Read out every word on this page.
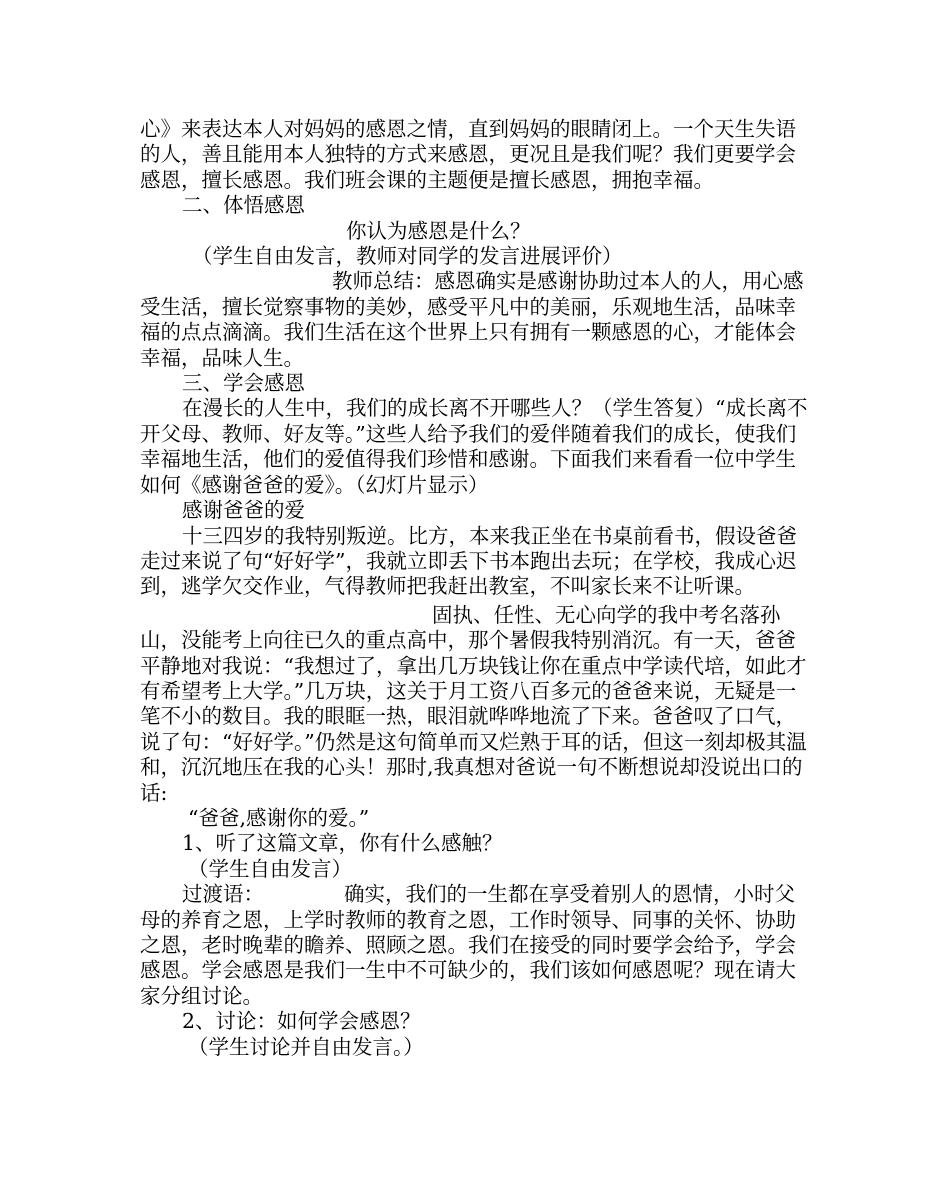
心》来表达本人对妈妈的感恩之情，直到妈妈的眼睛闭上。一个天生失语的人，善且能用本人独特的方式来感恩，更况且是我们呢？我们更要学会感恩，擅长感恩。我们班会课的主题便是擅长感恩，拥抱幸福。

二、体悟感恩

你认为感恩是什么？

（学生自由发言，教师对同学的发言进展评价）

教师总结：感恩确实是感谢协助过本人的人，用心感受生活，擅长觉察事物的美妙，感受平凡中的美丽，乐观地生活，品味幸福的点点滴滴。我们生活在这个世界上只有拥有一颗感恩的心，才能体会幸福，品味人生。

三、学会感恩

在漫长的人生中，我们的成长离不开哪些人？（学生答复）“成长离不开父母、教师、好友等。”这些人给予我们的爱伴随着我们的成长，使我们幸福地生活，他们的爱值得我们珍惜和感谢。下面我们来看看一位中学生如何《感谢爸爸的爱》。（幻灯片显示）

感谢爸爸的爱

十三四岁的我特别叛逆。比方，本来我正坐在书桌前看书，假设爸爸走过来说了句“好好学”，我就立即丢下书本跑出去玩；在学校，我成心迟到，逃学欠交作业，气得教师把我赶出教室，不叫家长来不让听课。

固执、任性、无心向学的我中考名落孙山，没能考上向往已久的重点高中，那个暑假我特别消沉。有一天，爸爸平静地对我说：“我想过了，拿出几万块钱让你在重点中学读代培，如此才有希望考上大学。”几万块，这关于月工资八百多元的爸爸来说，无疑是一笔不小的数目。我的眼眶一热，眼泪就哗哗地流了下来。爸爸叹了口气，说了句：“好好学。”仍然是这句简单而又烂熟于耳的话，但这一刻却极其温和，沉沉地压在我的心头！那时,我真想对爸说一句不断想说却没说出口的话:

“爸爸,感谢你的爱。”

1、听了这篇文章，你有什么感触？

（学生自由发言）

过渡语：	确实，我们的一生都在享受着别人的恩情，小时父母的养育之恩，上学时教师的教育之恩，工作时领导、同事的关怀、协助之恩，老时晚辈的瞻养、照顾之恩。我们在接受的同时要学会给予，学会感恩。学会感恩是我们一生中不可缺少的，我们该如何感恩呢？现在请大家分组讨论。

2、讨论：如何学会感恩？

（学生讨论并自由发言。）
